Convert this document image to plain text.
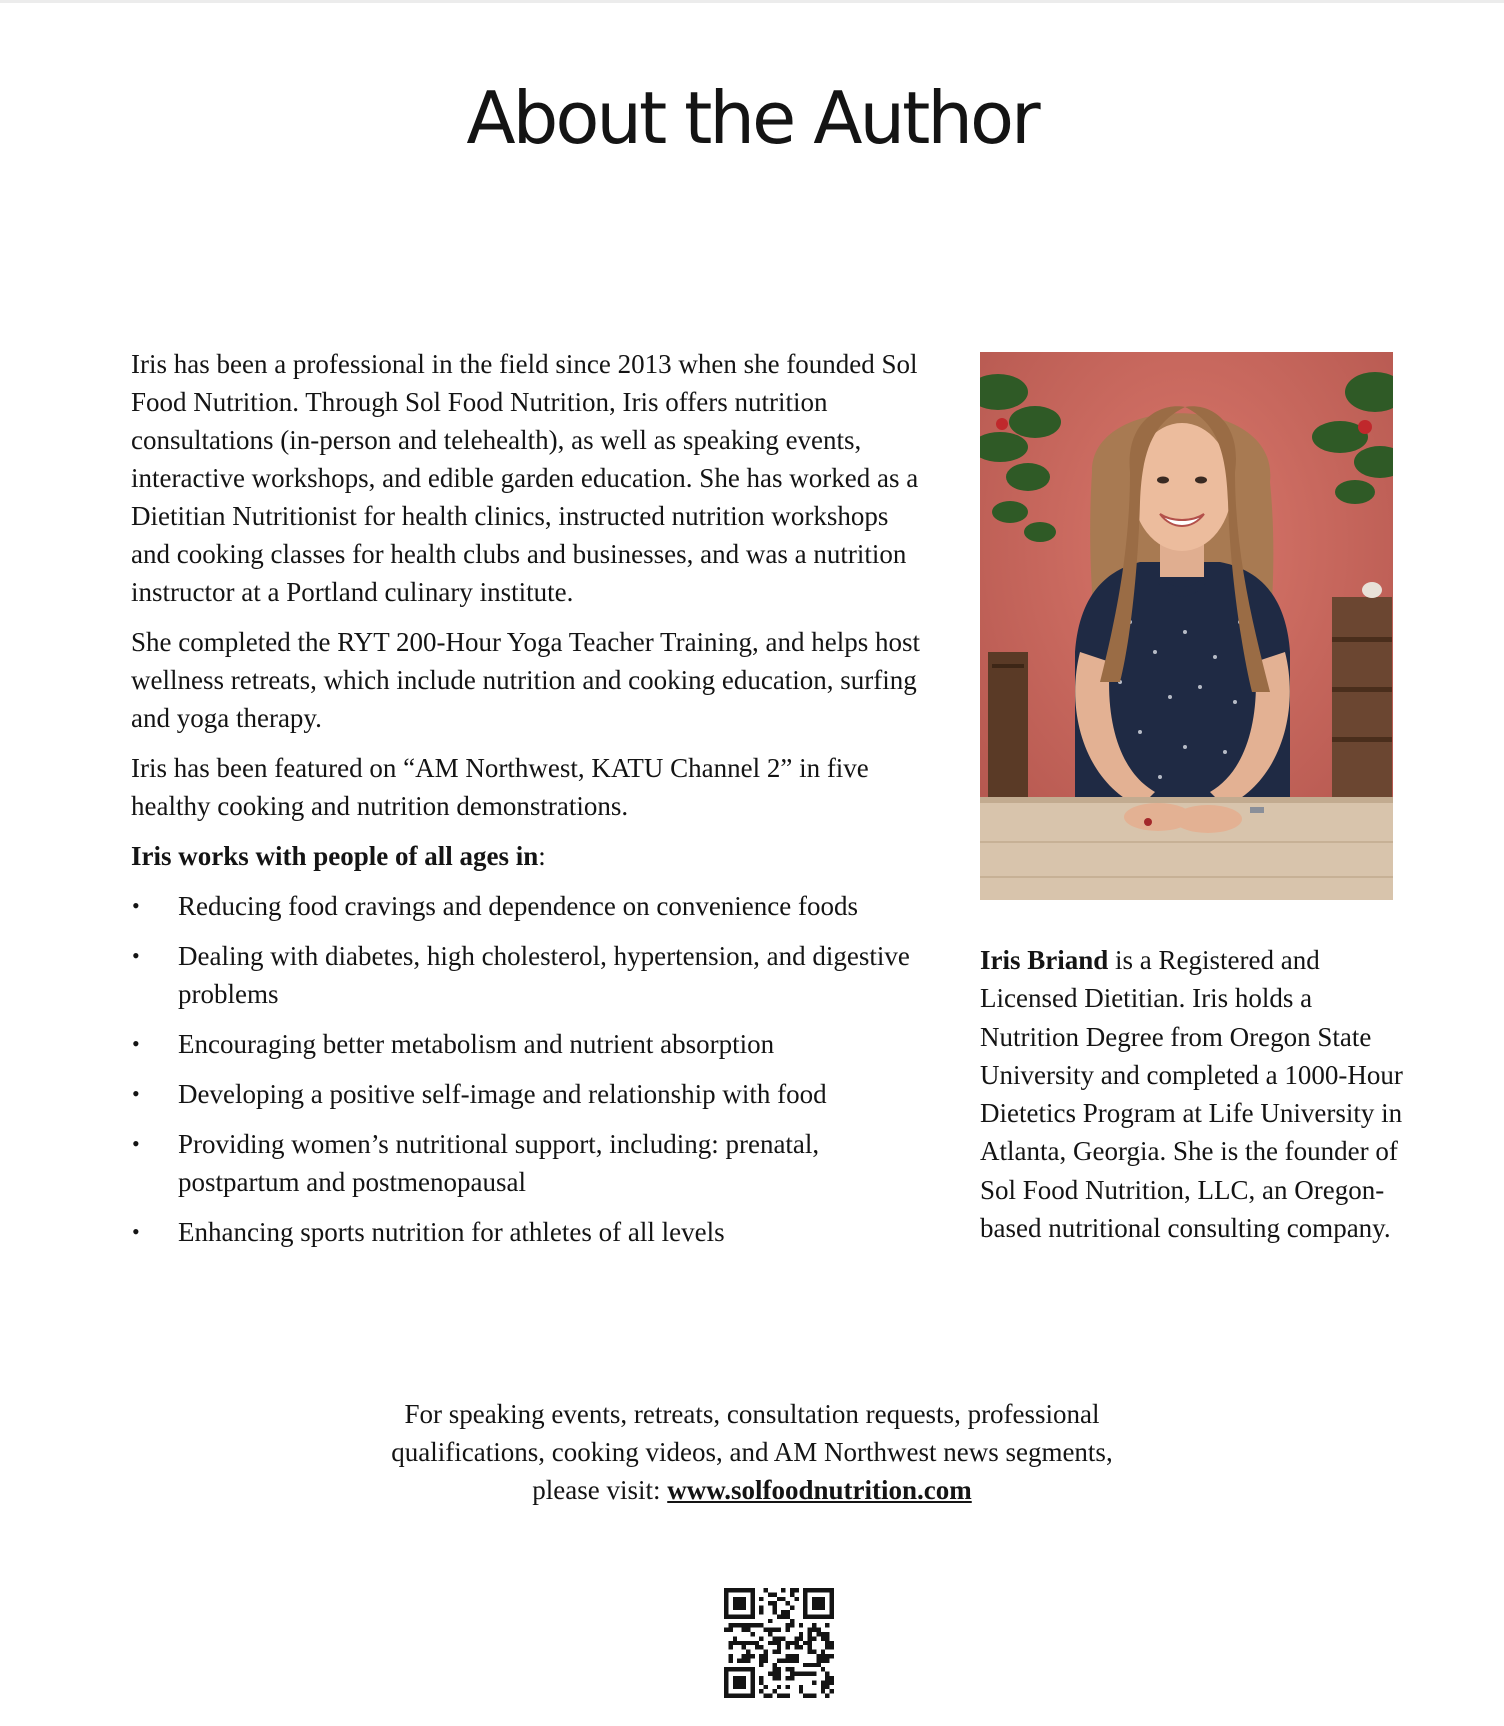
About the Author

Iris has been a professional in the field since 2013 when she founded Sol Food Nutrition. Through Sol Food Nutrition, Iris offers nutrition consultations (in-person and telehealth), as well as speaking events, interactive workshops, and edible garden education. She has worked as a Dietitian Nutritionist for health clinics, instructed nutrition workshops and cooking classes for health clubs and businesses, and was a nutrition instructor at a Portland culinary institute.

She completed the RYT 200-Hour Yoga Teacher Training, and helps host wellness retreats, which include nutrition and cooking education, surfing and yoga therapy.

Iris has been featured on “AM Northwest, KATU Channel 2” in five healthy cooking and nutrition demonstrations.

Iris works with people of all ages in:

• Reducing food cravings and dependence on convenience foods
• Dealing with diabetes, high cholesterol, hypertension, and digestive problems
• Encouraging better metabolism and nutrient absorption
• Developing a positive self-image and relationship with food
• Providing women’s nutritional support, including: prenatal, postpartum and postmenopausal
• Enhancing sports nutrition for athletes of all levels
Iris Briand is a Registered and Licensed Dietitian. Iris holds a Nutrition Degree from Oregon State University and completed a 1000-Hour Dietetics Program at Life University in Atlanta, Georgia. She is the founder of Sol Food Nutrition, LLC, an Oregon-based nutritional consulting company.
For speaking events, retreats, consultation requests, professional
qualifications, cooking videos, and AM Northwest news segments,
please visit: www.solfoodnutrition.com
